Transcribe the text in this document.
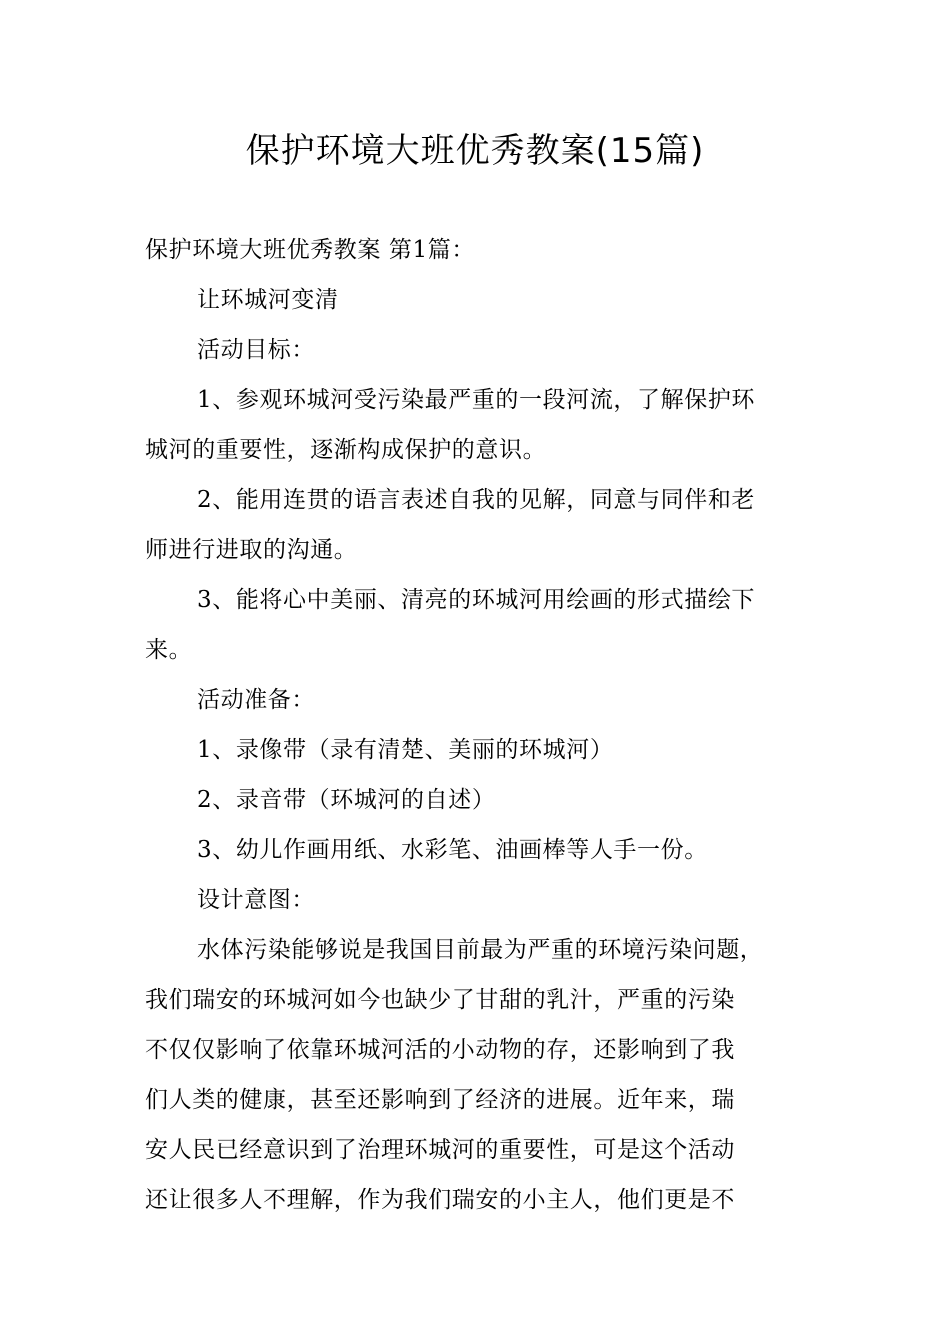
保护环境大班优秀教案(15篇)
保护环境大班优秀教案 第1篇：
让环城河变清
活动目标：
1、参观环城河受污染最严重的一段河流，了解保护环
城河的重要性，逐渐构成保护的意识。
2、能用连贯的语言表述自我的见解，同意与同伴和老
师进行进取的沟通。
3、能将心中美丽、清亮的环城河用绘画的形式描绘下
来。
活动准备：
1、录像带（录有清楚、美丽的环城河）
2、录音带（环城河的自述）
3、幼儿作画用纸、水彩笔、油画棒等人手一份。
设计意图：
水体污染能够说是我国目前最为严重的环境污染问题，
我们瑞安的环城河如今也缺少了甘甜的乳汁，严重的污染
不仅仅影响了依靠环城河活的小动物的存，还影响到了我
们人类的健康，甚至还影响到了经济的进展。近年来，瑞
安人民已经意识到了治理环城河的重要性，可是这个活动
还让很多人不理解，作为我们瑞安的小主人，他们更是不
